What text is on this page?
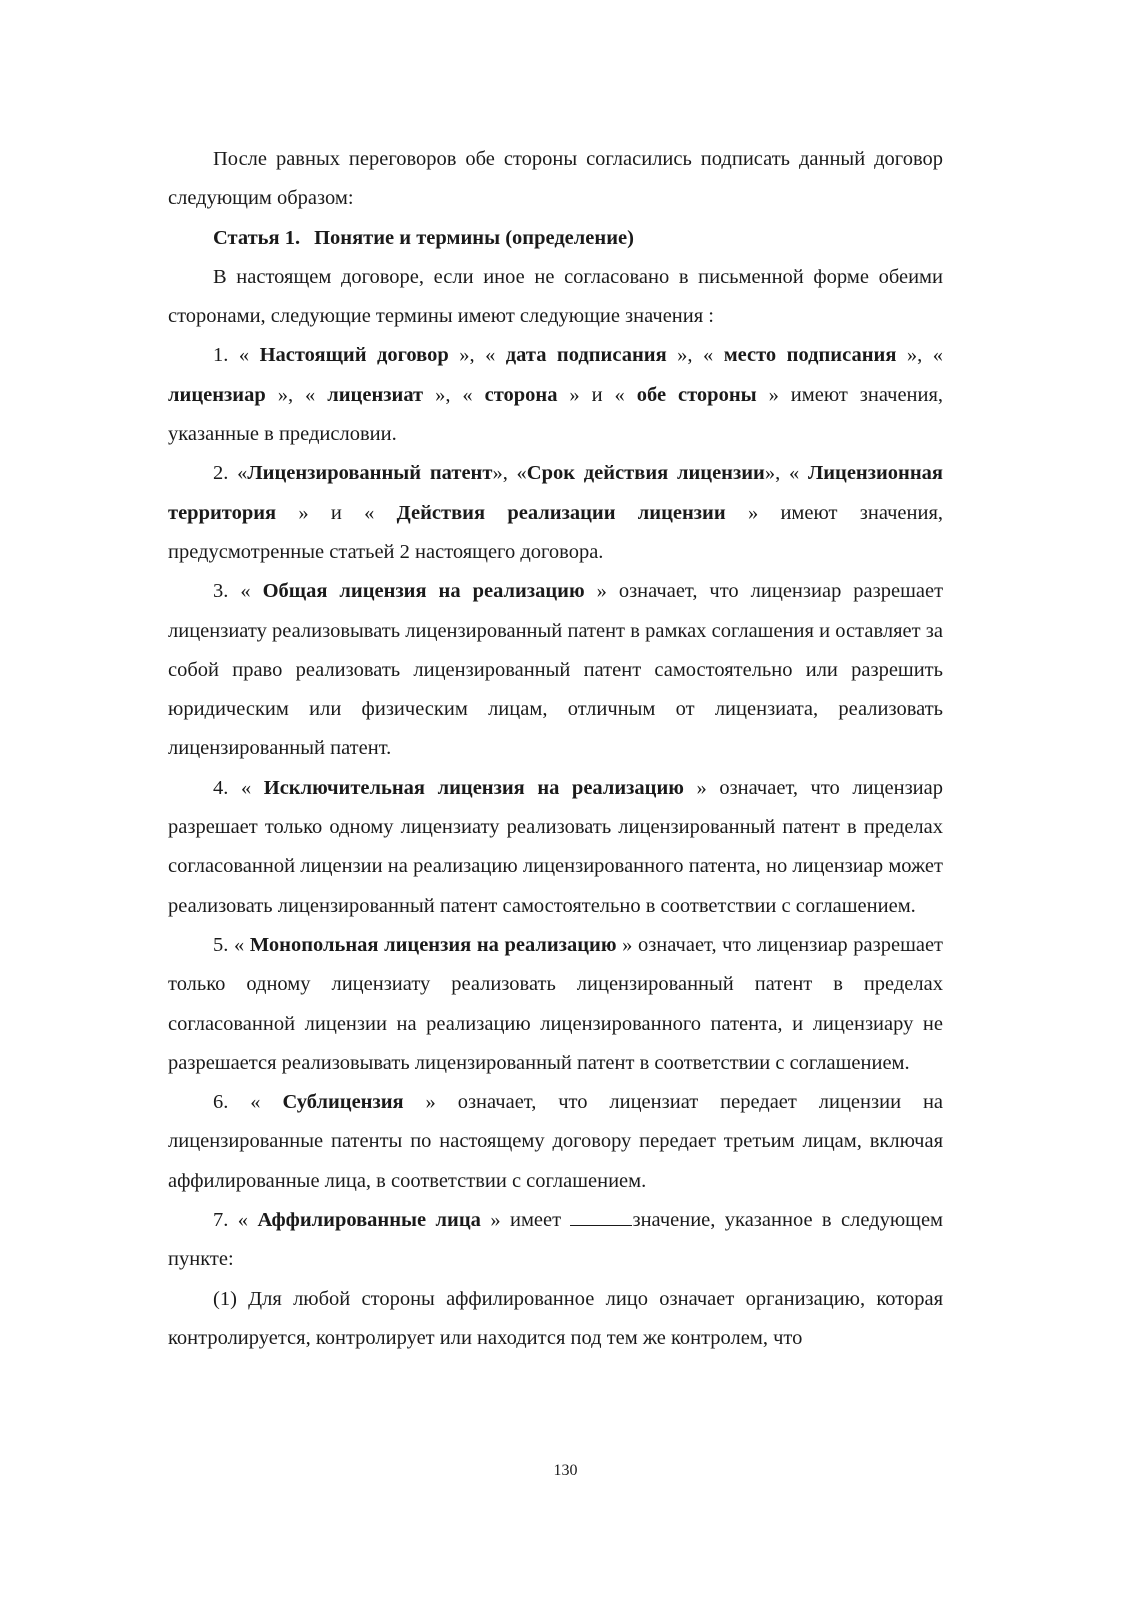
После равных переговоров обе стороны согласились подписать данный договор следующим образом:

Статья 1. Понятие и термины (определение)

В настоящем договоре, если иное не согласовано в письменной форме обеими сторонами, следующие термины имеют следующие значения :

1. « Настоящий договор », « дата подписания », « место подписания », « лицензиар », « лицензиат », « сторона » и « обе стороны » имеют значения, указанные в предисловии.

2. «Лицензированный патент», «Срок действия лицензии», « Лицензионная территория » и « Действия реализации лицензии » имеют значения, предусмотренные статьей 2 настоящего договора.

3. « Общая лицензия на реализацию » означает, что лицензиар разрешает лицензиату реализовывать лицензированный патент в рамках соглашения и оставляет за собой право реализовать лицензированный патент самостоятельно или разрешить юридическим или физическим лицам, отличным от лицензиата, реализовать лицензированный патент.

4. « Исключительная лицензия на реализацию » означает, что лицензиар разрешает только одному лицензиату реализовать лицензированный патент в пределах согласованной лицензии на реализацию лицензированного патента, но лицензиар может реализовать лицензированный патент самостоятельно в соответствии с соглашением.

5. « Монопольная лицензия на реализацию » означает, что лицензиар разрешает только одному лицензиату реализовать лицензированный патент в пределах согласованной лицензии на реализацию лицензированного патента, и лицензиару не разрешается реализовывать лицензированный патент в соответствии с соглашением.

6. « Сублицензия » означает, что лицензиат передает лицензии на лицензированные патенты по настоящему договору передает третьим лицам, включая аффилированные лица, в соответствии с соглашением.

7. « Аффилированные лица » имеет	значение, указанное в следующем пункте:

(1) Для любой стороны аффилированное лицо означает организацию, которая контролируется, контролирует или находится под тем же контролем, что

130
